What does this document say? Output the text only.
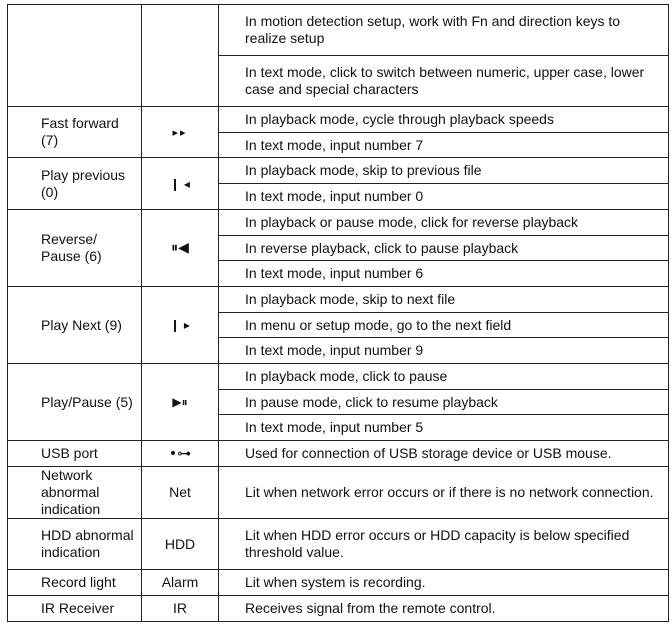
		In motion detection setup, work with Fn and direction keys to realize setup
		In text mode, click to switch between numeric, upper case, lower case and special characters
Fast forward (7)	▸▸	In playback mode, cycle through playback speeds
		In text mode, input number 7
Play previous (0)	❙ ◂	In playback mode, skip to previous file
		In text mode, input number 0
Reverse/ Pause (6)	⏸◀	In playback or pause mode, click for reverse playback
		In reverse playback, click to pause playback
		In text mode, input number 6
Play Next (9)	❙ ▸	In playback mode, skip to next file
		In menu or setup mode, go to the next field
		In text mode, input number 9
Play/Pause (5)	▶⏸	In playback mode, click to pause
		In pause mode, click to resume playback
		In text mode, input number 5
USB port	•⊶	Used for connection of USB storage device or USB mouse.
Network abnormal indication	Net	Lit when network error occurs or if there is no network connection.
HDD abnormal indication	HDD	Lit when HDD error occurs or HDD capacity is below specified threshold value.
Record light	Alarm	Lit when system is recording.
IR Receiver	IR	Receives signal from the remote control.
